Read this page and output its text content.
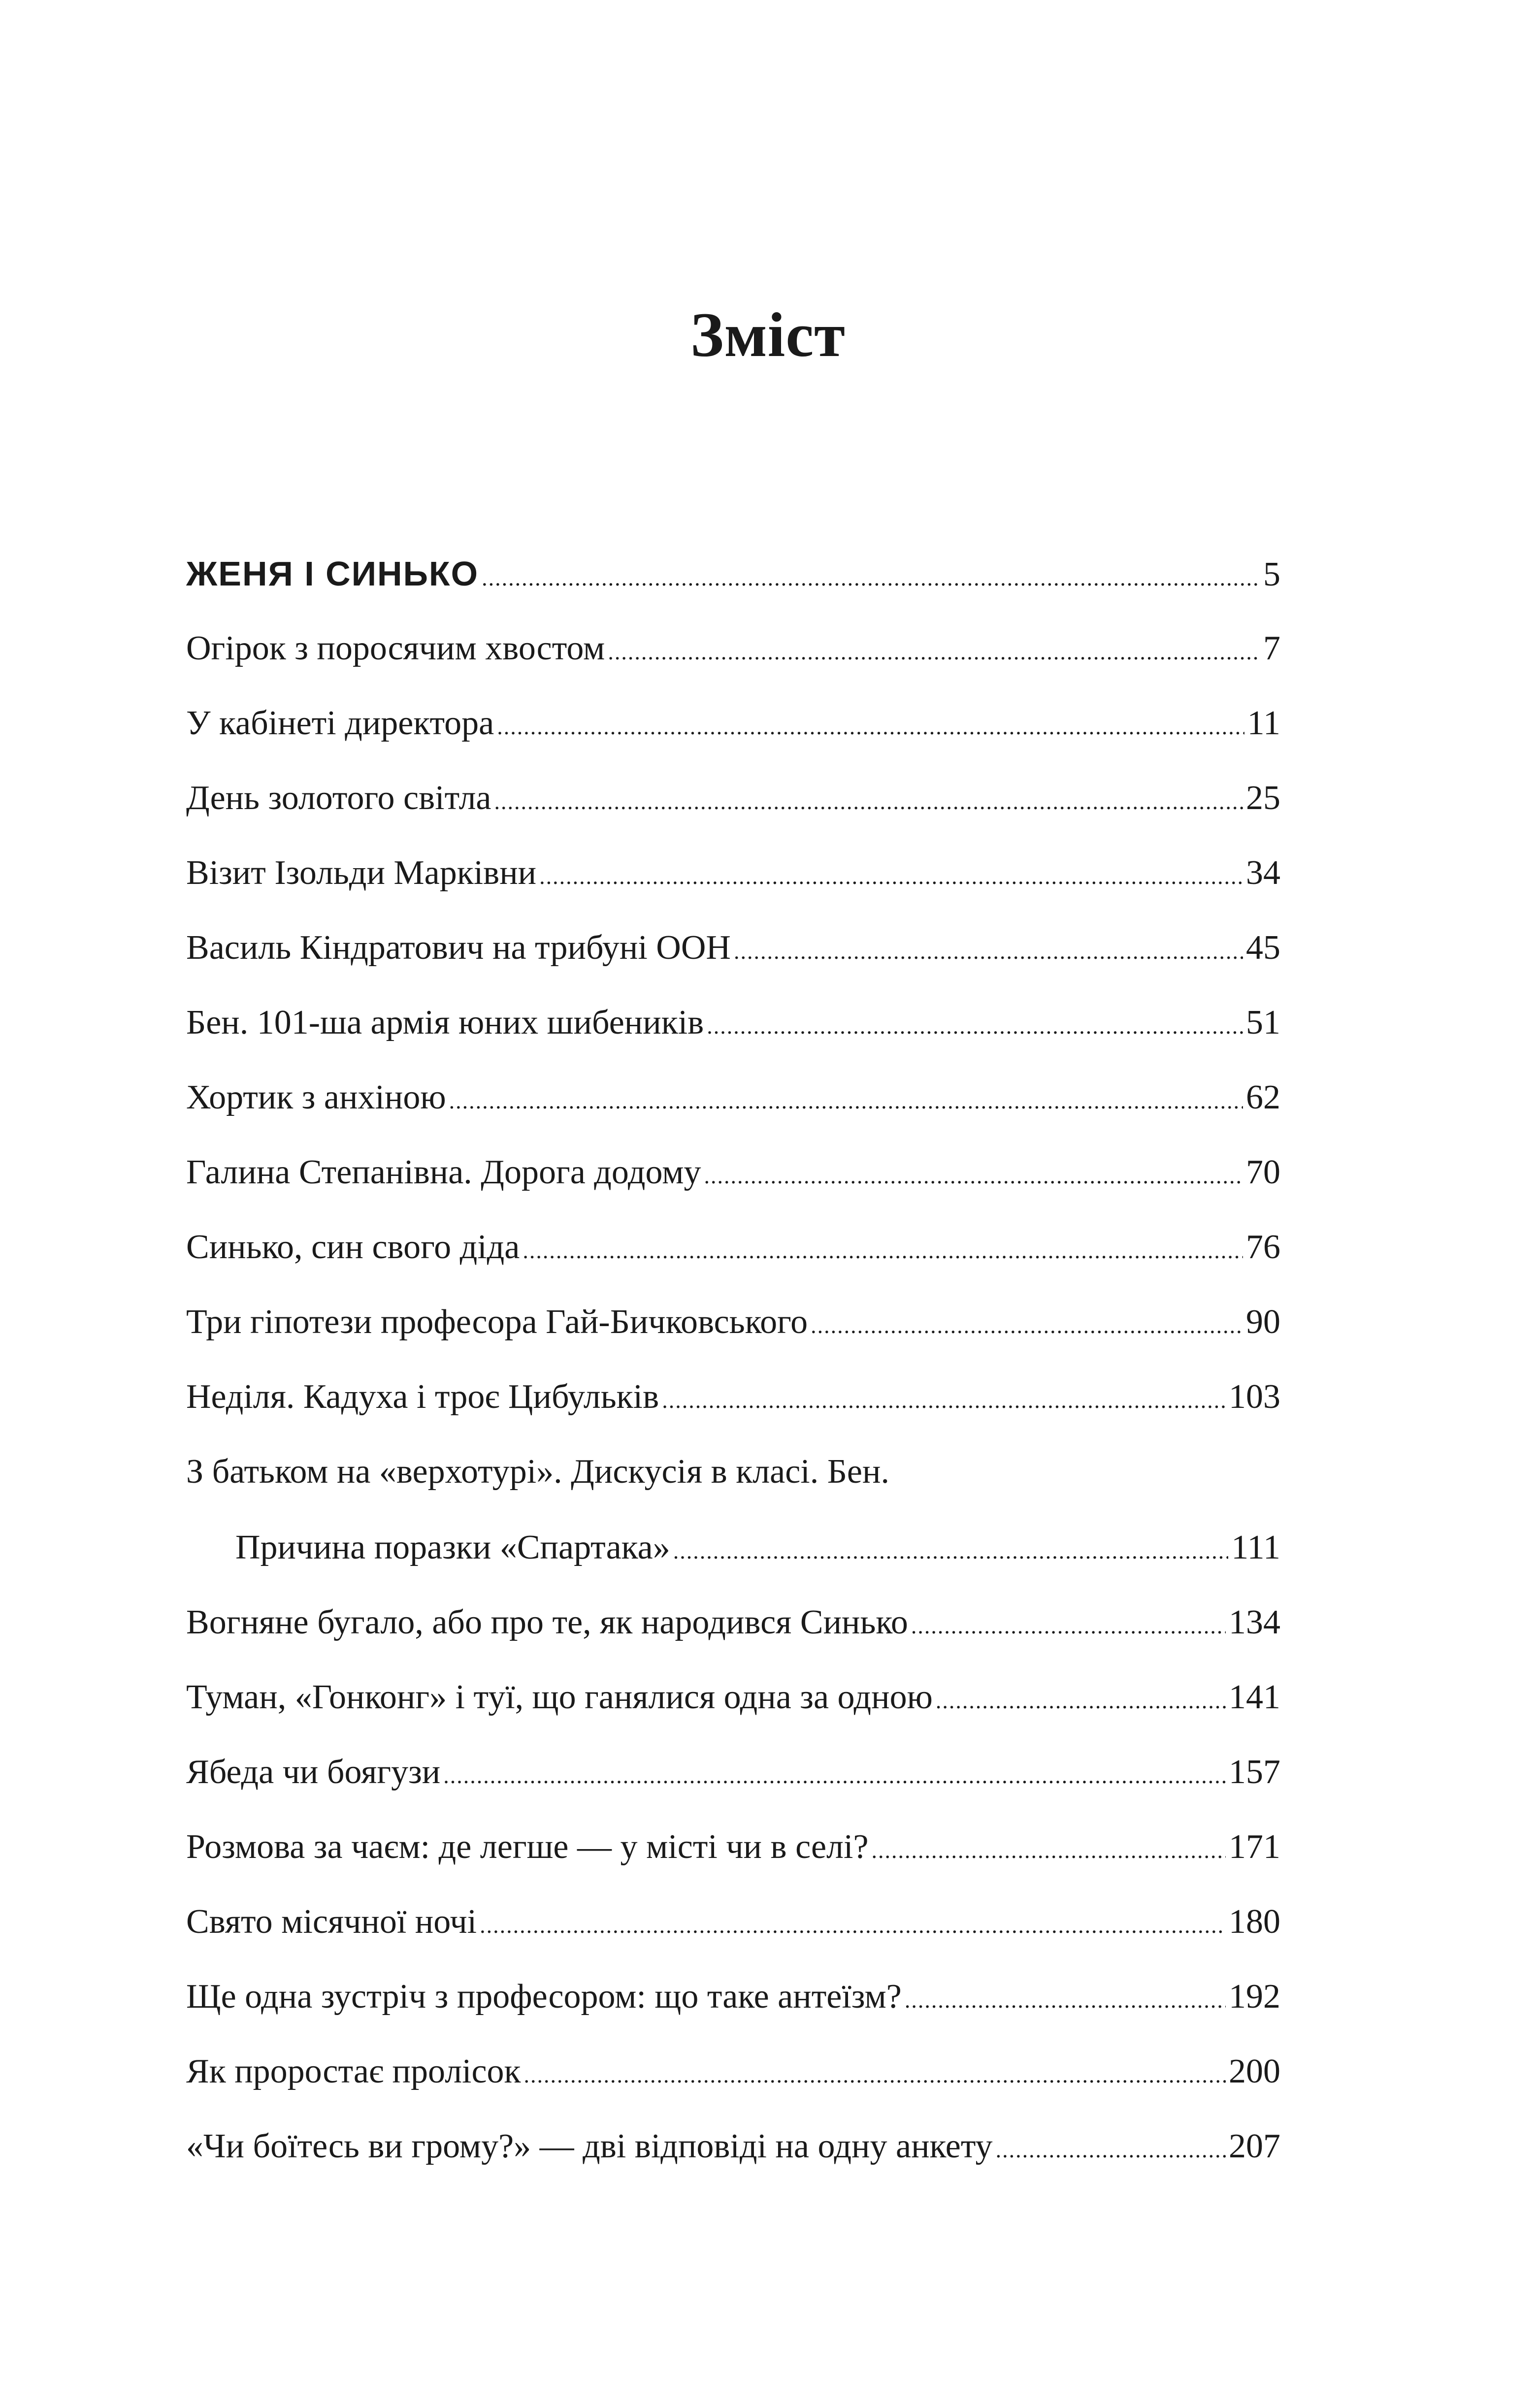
Зміст
ЖЕНЯ І СИНЬКО .....	5
Огірок з поросячим хвостом .....	7
У кабінеті директора .....	11
День золотого світла .....	25
Візит Ізольди Марківни .....	34
Василь Кіндратович на трибуні ООН .....	45
Бен. 101-ша армія юних шибеників .....	51
Хортик з анхіною .....	62
Галина Степанівна. Дорога додому .....	70
Синько, син свого діда .....	76
Три гіпотези професора Гай-Бичковського .....	90
Неділя. Кадуха і троє Цибульків .....	103
З батьком на «верхотурі». Дискусія в класі. Бен.
Причина поразки «Спартака» .....	111
Вогняне бугало, або про те, як народився Синько .....	134
Туман, «Гонконг» і туї, що ганялися одна за одною .....	141
Ябеда чи боягузи .....	157
Розмова за чаєм: де легше — у місті чи в селі? .....	171
Свято місячної ночі .....	180
Ще одна зустріч з професором: що таке антеїзм? .....	192
Як проростає пролісок .....	200
«Чи боїтесь ви грому?» — дві відповіді на одну анкету .....	207
